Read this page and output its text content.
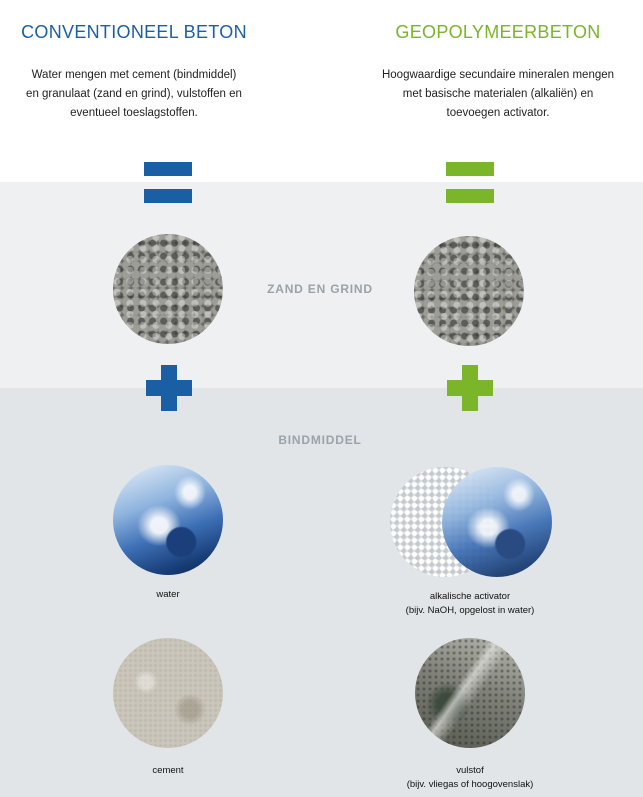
CONVENTIONEEL BETON	GEOPOLYMEERBETON
Water mengen met cement (bindmiddel)
en granulaat (zand en grind), vulstoffen en
eventueel toeslagstoffen.
Hoogwaardige secundaire mineralen mengen
met basische materialen (alkaliën) en
toevoegen activator.
ZAND EN GRIND
BINDMIDDEL
water	alkalische activator
(bijv. NaOH, opgelost in water)
cement	vulstof
(bijv. vliegas of hoogovenslak)
